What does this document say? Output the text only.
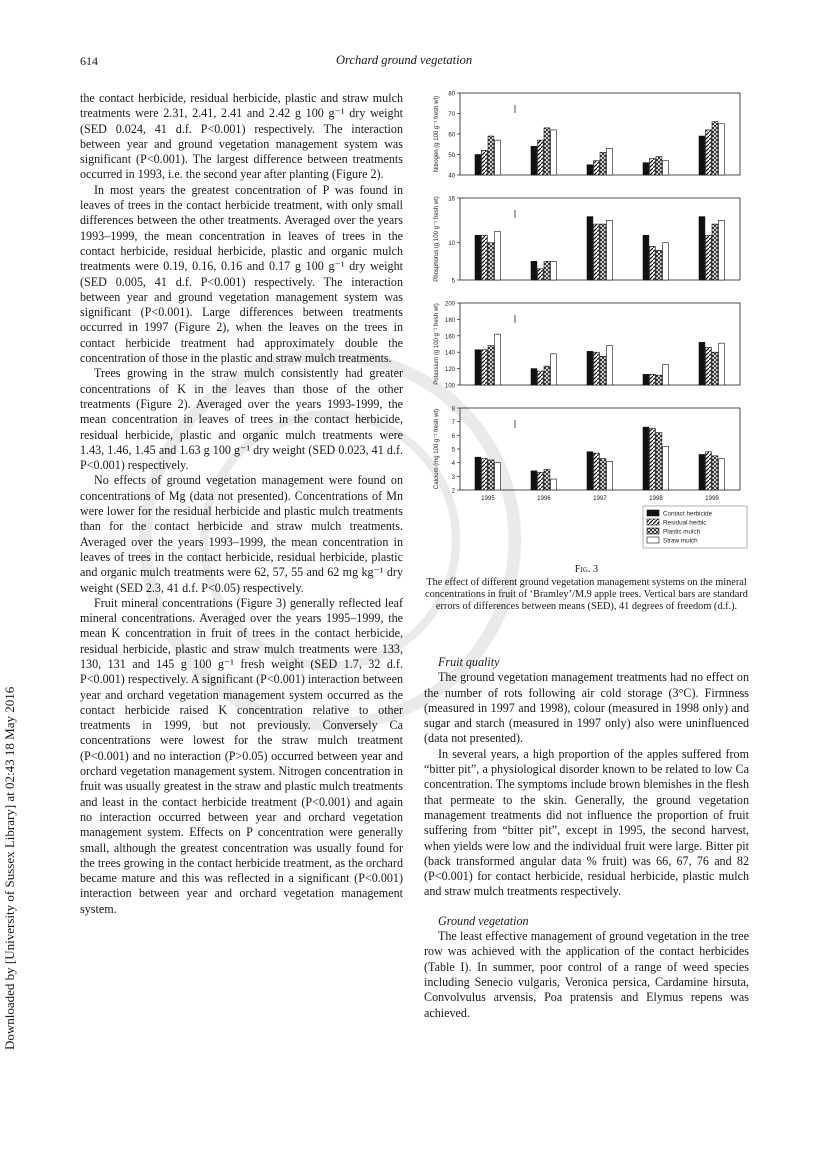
614	Orchard ground vegetation
Downloaded by [University of Sussex Library] at 02:43 18 May 2016

the contact herbicide, residual herbicide, plastic and straw mulch treatments were 2.31, 2.41, 2.41 and 2.42 g 100 g⁻¹ dry weight (SED 0.024, 41 d.f. P<0.001) respectively. The interaction between year and ground vegetation management system was significant (P<0.001). The largest difference between treatments occurred in 1993, i.e. the second year after planting (Figure 2).

In most years the greatest concentration of P was found in leaves of trees in the contact herbicide treatment, with only small differences between the other treatments. Averaged over the years 1993–1999, the mean concentration in leaves of trees in the contact herbicide, residual herbicide, plastic and organic mulch treatments were 0.19, 0.16, 0.16 and 0.17 g 100 g⁻¹ dry weight (SED 0.005, 41 d.f. P<0.001) respectively. The interaction between year and ground vegetation management system was significant (P<0.001). Large differences between treatments occurred in 1997 (Figure 2), when the leaves on the trees in contact herbicide treatment had approximately double the concentration of those in the plastic and straw mulch treatments.

Trees growing in the straw mulch consistently had greater concentrations of K in the leaves than those of the other treatments (Figure 2). Averaged over the years 1993-1999, the mean concentration in leaves of trees in the contact herbicide, residual herbicide, plastic and organic mulch treatments were 1.43, 1.46, 1.45 and 1.63 g 100 g⁻¹ dry weight (SED 0.023, 41 d.f. P<0.001) respectively.

No effects of ground vegetation management were found on concentrations of Mg (data not presented). Concentrations of Mn were lower for the residual herbicide and plastic mulch treatments than for the contact herbicide and straw mulch treatments. Averaged over the years 1993–1999, the mean concentration in leaves of trees in the contact herbicide, residual herbicide, plastic and organic mulch treatments were 62, 57, 55 and 62 mg kg⁻¹ dry weight (SED 2.3, 41 d.f. P<0.05) respectively.

Fruit mineral concentrations (Figure 3) generally reflected leaf mineral concentrations. Averaged over the years 1995–1999, the mean K concentration in fruit of trees in the contact herbicide, residual herbicide, plastic and straw mulch treatments were 133, 130, 131 and 145 g 100 g⁻¹ fresh weight (SED 1.7, 32 d.f. P<0.001) respectively. A significant (P<0.001) interaction between year and orchard vegetation management system occurred as the contact herbicide raised K concentration relative to other treatments in 1999, but not previously. Conversely Ca concentrations were lowest for the straw mulch treatment (P<0.001) and no interaction (P>0.05) occurred between year and orchard vegetation management system. Nitrogen concentration in fruit was usually greatest in the straw and plastic mulch treatments and least in the contact herbicide treatment (P<0.001) and again no interaction occurred between year and orchard vegetation management system. Effects on P concentration were generally small, although the greatest concentration was usually found for the trees growing in the contact herbicide treatment, as the orchard became mature and this was reflected in a significant (P<0.001) interaction between year and orchard vegetation management system.

40
50
60
70
80
Nitrogen (g 100 g⁻¹ fresh wt)
5
10
16
Phosphorus (g 100 g⁻¹ fresh wt)
100
120
140
160
180
200
Potassium (g 100 g⁻¹ fresh wt)
2
3
4
5
6
7
8
Calcium (mg 100 g⁻¹ fresh wt)
1995	1996	1997	1998	1999
Contact herbicide
Residual herbic
Plastic mulch
Straw mulch
Fig. 3
The effect of different ground vegetation management systems on the mineral concentrations in fruit of ‘Bramley’/M.9 apple trees. Vertical bars are standard errors of differences between means (SED), 41 degrees of freedom (d.f.).

Fruit quality

The ground vegetation management treatments had no effect on the number of rots following air cold storage (3°C). Firmness (measured in 1997 and 1998), colour (measured in 1998 only) and sugar and starch (measured in 1997 only) also were uninfluenced (data not presented).

In several years, a high proportion of the apples suffered from “bitter pit”, a physiological disorder known to be related to low Ca concentration. The symptoms include brown blemishes in the flesh that permeate to the skin. Generally, the ground vegetation management treatments did not influence the proportion of fruit suffering from “bitter pit”, except in 1995, the second harvest, when yields were low and the individual fruit were large. Bitter pit (back transformed angular data % fruit) was 66, 67, 76 and 82 (P<0.001) for contact herbicide, residual herbicide, plastic mulch and straw mulch treatments respectively.

Ground vegetation

The least effective management of ground vegetation in the tree row was achieved with the application of the contact herbicides (Table I). In summer, poor control of a range of weed species including Senecio vulgaris, Veronica persica, Cardamine hirsuta, Convolvulus arvensis, Poa pratensis and Elymus repens was achieved.
